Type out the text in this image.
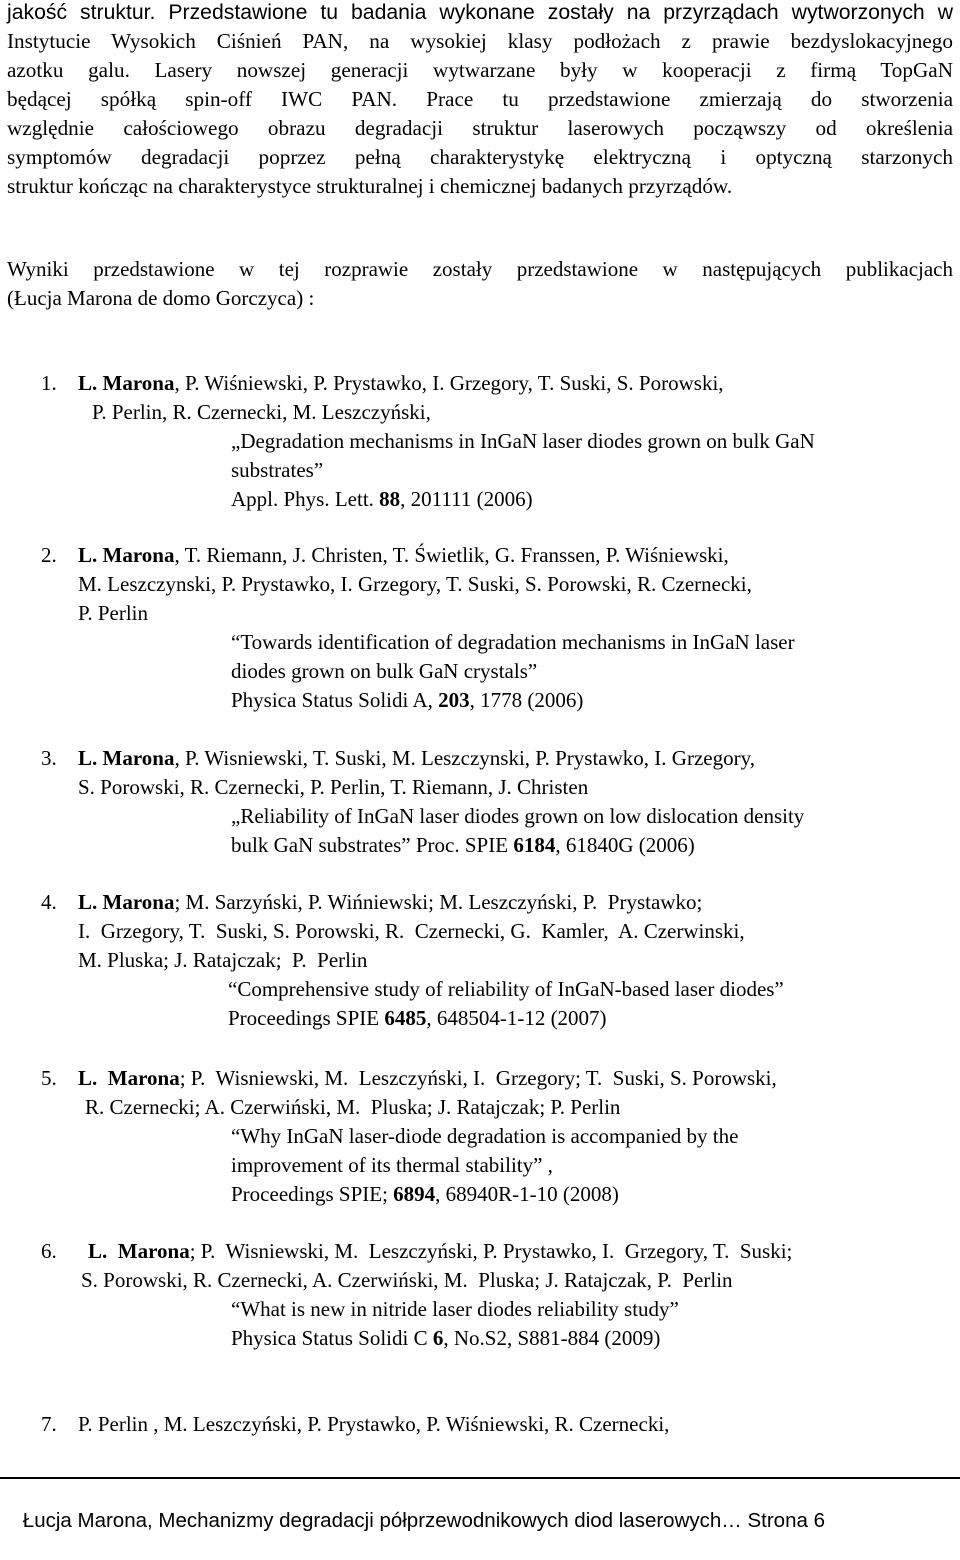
jakość struktur. Przedstawione tu badania wykonane zostały na przyrządach wytworzonych w
Instytucie Wysokich Ciśnień PAN, na wysokiej klasy podłożach z prawie bezdyslokacyjnego
azotku galu. Lasery nowszej generacji wytwarzane były w kooperacji z firmą TopGaN
będącej spółką spin-off IWC PAN. Prace tu przedstawione zmierzają do stworzenia
względnie całościowego obrazu degradacji struktur laserowych począwszy od określenia
symptomów degradacji poprzez pełną charakterystykę elektryczną i optyczną starzonych
struktur kończąc na charakterystyce strukturalnej i chemicznej badanych przyrządów.
Wyniki przedstawione w tej rozprawie zostały przedstawione w następujących publikacjach
(Łucja Marona de domo Gorczyca) :
1. L. Marona, P. Wiśniewski, P. Prystawko, I. Grzegory, T. Suski, S. Porowski,
P. Perlin, R. Czernecki, M. Leszczyński,
„Degradation mechanisms in InGaN laser diodes grown on bulk GaN
substrates”
Appl. Phys. Lett. 88, 201111 (2006)
2. L. Marona, T. Riemann, J. Christen, T. Świetlik, G. Franssen, P. Wiśniewski,
M. Leszczynski, P. Prystawko, I. Grzegory, T. Suski, S. Porowski, R. Czernecki,
P. Perlin
“Towards identification of degradation mechanisms in InGaN laser
diodes grown on bulk GaN crystals”
Physica Status Solidi A, 203, 1778 (2006)
3. L. Marona, P. Wisniewski, T. Suski, M. Leszczynski, P. Prystawko, I. Grzegory,
S. Porowski, R. Czernecki, P. Perlin, T. Riemann, J. Christen
„Reliability of InGaN laser diodes grown on low dislocation density
bulk GaN substrates” Proc. SPIE 6184, 61840G (2006)
4. L. Marona; M. Sarzyński, P. Wińniewski; M. Leszczyński, P.  Prystawko;
I.  Grzegory, T.  Suski, S. Porowski, R.  Czernecki, G.  Kamler,  A. Czerwinski,
M. Pluska; J. Ratajczak;  P.  Perlin
“Comprehensive study of reliability of InGaN-based laser diodes”
Proceedings SPIE 6485, 648504-1-12 (2007)
5. L.  Marona; P.  Wisniewski, M.  Leszczyński, I.  Grzegory; T.  Suski, S. Porowski,
R. Czernecki; A. Czerwiński, M.  Pluska; J. Ratajczak; P. Perlin
“Why InGaN laser-diode degradation is accompanied by the
improvement of its thermal stability” ,
Proceedings SPIE; 6894, 68940R-1-10 (2008)
6. L.  Marona; P.  Wisniewski, M.  Leszczyński, P. Prystawko, I.  Grzegory, T.  Suski;
S. Porowski, R. Czernecki, A. Czerwiński, M.  Pluska; J. Ratajczak, P.  Perlin
“What is new in nitride laser diodes reliability study”
Physica Status Solidi C 6, No.S2, S881-884 (2009)
7. P. Perlin , M. Leszczyński, P. Prystawko, P. Wiśniewski, R. Czernecki,

Łucja Marona, Mechanizmy degradacji półprzewodnikowych diod laserowych… Strona 6
